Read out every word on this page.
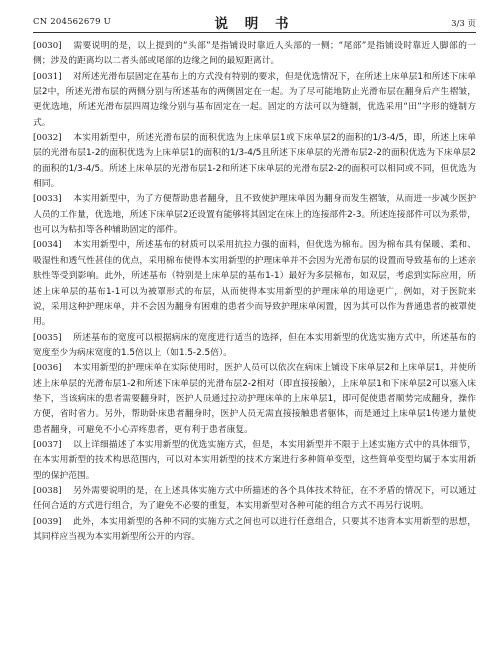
CN 204562679 U	说 明 书	3/3 页

[0030] 需要说明的是，以上提到的“头部”是指铺设时靠近人头部的一侧；“尾部”是指铺设时靠近人脚部的一侧；涉及的距离均以二者头部或尾部的边缘之间的最短距离计。

[0031] 对所述光滑布层固定在基布上的方式没有特别的要求，但是优选情况下，在所述上床单层1和所述下床单层2中，所述光滑布层的两侧分别与所述基布的两侧固定在一起。为了尽可能地防止光滑布层在翻身后产生褶皱，更优选地，所述光滑布层四周边缘分别与基布固定在一起。固定的方法可以为缝制，优选采用“田”字形的缝制方式。

[0032] 本实用新型中，所述光滑布层的面积优选为上床单层1或下床单层2的面积的1/3-4/5，即，所述上床单层的光滑布层1-2的面积优选为上床单层1的面积的1/3-4/5且所述下床单层的光滑布层2-2的面积优选为下床单层2的面积的1/3-4/5。所述上床单层的光滑布层1-2和所述下床单层的光滑布层2-2的面积可以相同或不同，但优选为相同。

[0033] 本实用新型中，为了方便帮助患者翻身，且不致使护理床单因为翻身而发生褶皱，从而进一步减少医护人员的工作量，优选地，所述下床单层2还设置有能够将其固定在床上的连接部件2-3。所述连接部件可以为系带，也可以为粘扣等各种辅助固定的部件。

[0034] 本实用新型中，所述基布的材质可以采用抗拉力强的面料，但优选为棉布。因为棉布具有保暖、柔和、吸湿性和透气性甚佳的优点，采用棉布使得本实用新型的护理床单并不会因为光滑布层的设置而导致基布的上述亲肤性等受到影响。此外，所述基布（特别是上床单层的基布1-1）最好为多层棉布，如双层，考虑到实际应用，所述上床单层的基布1-1可以为被罩形式的布层，从而使得本实用新型的护理床单的用途更广，例如，对于医院来说，采用这种护理床单，并不会因为翻身有困难的患者少而导致护理床单闲置，因为其可以作为普通患者的被罩使用。

[0035] 所述基布的宽度可以根据病床的宽度进行适当的选择，但在本实用新型的优选实施方式中，所述基布的宽度至少为病床宽度的1.5倍以上（如1.5-2.5倍）。

[0036] 本实用新型的护理床单在实际使用时，医护人员可以依次在病床上铺设下床单层2和上床单层1，并使所述上床单层的光滑布层1-2和所述下床单层的光滑布层2-2相对（即直接接触），上床单层1和下床单层2可以塞入床垫下，当该病床的患者需要翻身时，医护人员通过拉动护理床单的上床单层1，即可促使患者顺势完成翻身，操作方便，省时省力。另外，帮助卧床患者翻身时，医护人员无需直接接触患者躯体，而是通过上床单层1传递力量使患者翻身，可避免不小心弄疼患者，更有利于患者康复。

[0037] 以上详细描述了本实用新型的优选实施方式，但是，本实用新型并不限于上述实施方式中的具体细节，在本实用新型的技术构思范围内，可以对本实用新型的技术方案进行多种简单变型，这些简单变型均属于本实用新型的保护范围。

[0038] 另外需要说明的是，在上述具体实施方式中所描述的各个具体技术特征，在不矛盾的情况下，可以通过任何合适的方式进行组合，为了避免不必要的重复，本实用新型对各种可能的组合方式不再另行说明。

[0039] 此外，本实用新型的各种不同的实施方式之间也可以进行任意组合，只要其不违背本实用新型的思想，其同样应当视为本实用新型所公开的内容。
